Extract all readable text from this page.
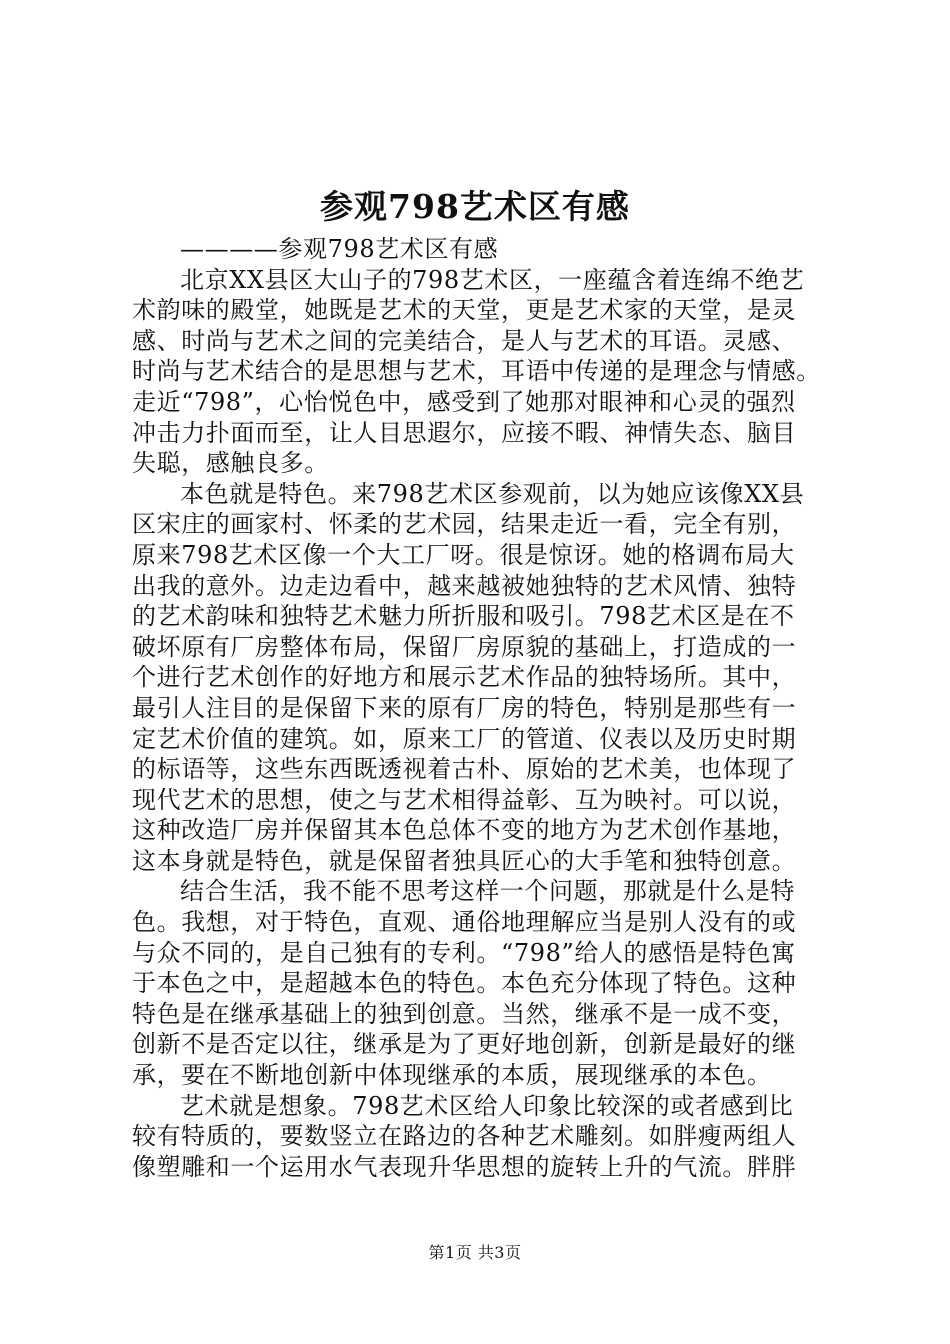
参观798艺术区有感

————参观798艺术区有感

北京XX县区大山子的798艺术区，一座蕴含着连绵不绝艺

术韵味的殿堂，她既是艺术的天堂，更是艺术家的天堂，是灵

感、时尚与艺术之间的完美结合，是人与艺术的耳语。灵感、

时尚与艺术结合的是思想与艺术，耳语中传递的是理念与情感。

走近“798”，心怡悦色中，感受到了她那对眼神和心灵的强烈

冲击力扑面而至，让人目思遐尔，应接不暇、神情失态、脑目

失聪，感触良多。

本色就是特色。来798艺术区参观前，以为她应该像XX县

区宋庄的画家村、怀柔的艺术园，结果走近一看，完全有别，

原来798艺术区像一个大工厂呀。很是惊讶。她的格调布局大

出我的意外。边走边看中，越来越被她独特的艺术风情、独特

的艺术韵味和独特艺术魅力所折服和吸引。798艺术区是在不

破坏原有厂房整体布局，保留厂房原貌的基础上，打造成的一

个进行艺术创作的好地方和展示艺术作品的独特场所。其中，

最引人注目的是保留下来的原有厂房的特色，特别是那些有一

定艺术价值的建筑。如，原来工厂的管道、仪表以及历史时期

的标语等，这些东西既透视着古朴、原始的艺术美，也体现了

现代艺术的思想，使之与艺术相得益彰、互为映衬。可以说，

这种改造厂房并保留其本色总体不变的地方为艺术创作基地，

这本身就是特色，就是保留者独具匠心的大手笔和独特创意。

结合生活，我不能不思考这样一个问题，那就是什么是特

色。我想，对于特色，直观、通俗地理解应当是别人没有的或

与众不同的，是自己独有的专利。“798”给人的感悟是特色寓

于本色之中，是超越本色的特色。本色充分体现了特色。这种

特色是在继承基础上的独到创意。当然，继承不是一成不变，

创新不是否定以往，继承是为了更好地创新，创新是最好的继

承，要在不断地创新中体现继承的本质，展现继承的本色。

艺术就是想象。798艺术区给人印象比较深的或者感到比

较有特质的，要数竖立在路边的各种艺术雕刻。如胖瘦两组人

像塑雕和一个运用水气表现升华思想的旋转上升的气流。胖胖

第1页 共3页
